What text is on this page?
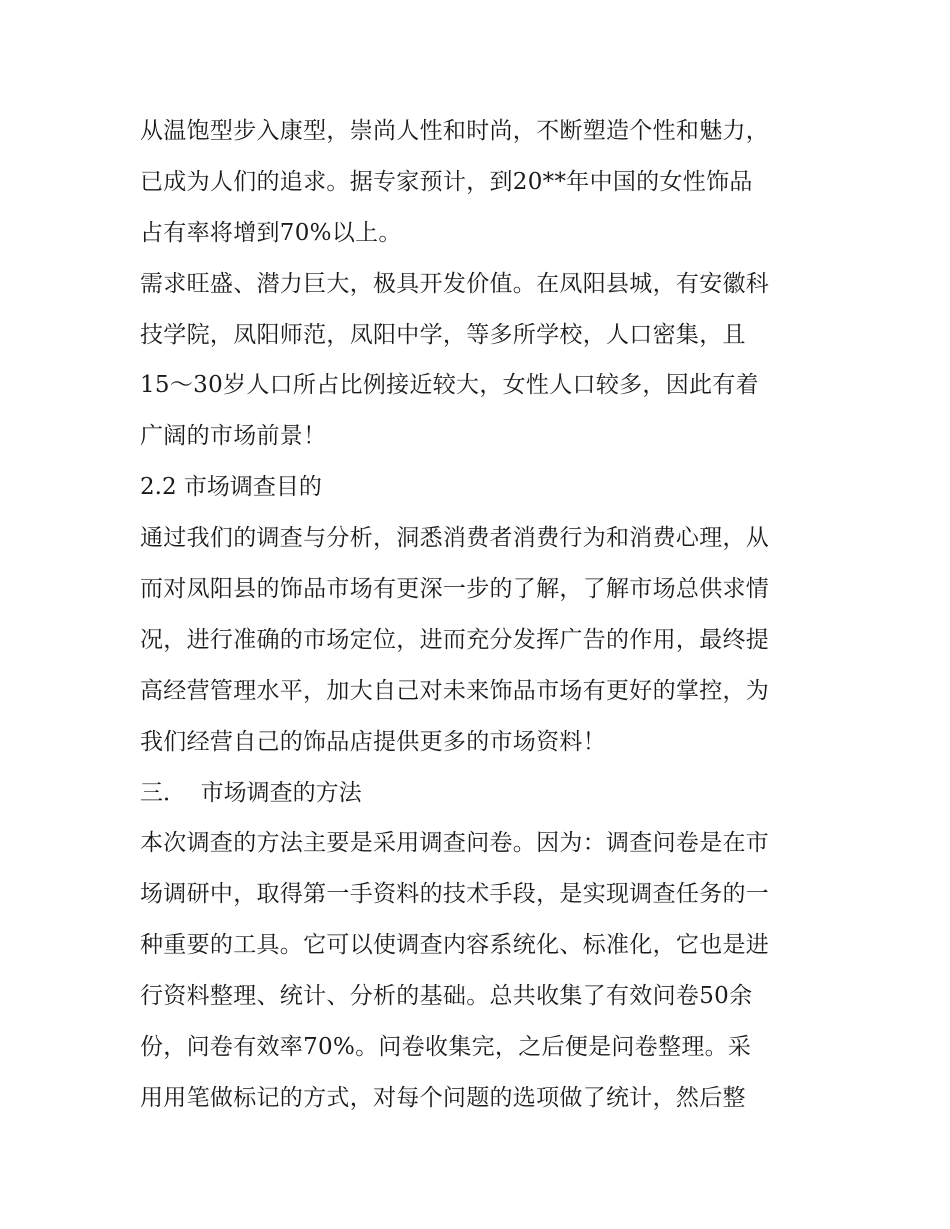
从温饱型步入康型，崇尚人性和时尚，不断塑造个性和魅力，
已成为人们的追求。据专家预计，到20**年中国的女性饰品
占有率将增到70%以上。
需求旺盛、潜力巨大，极具开发价值。在凤阳县城，有安徽科
技学院，凤阳师范，凤阳中学，等多所学校，人口密集，且
15～30岁人口所占比例接近较大，女性人口较多，因此有着
广阔的市场前景！
2.2 市场调查目的
通过我们的调查与分析，洞悉消费者消费行为和消费心理，从
而对凤阳县的饰品市场有更深一步的了解，了解市场总供求情
况，进行准确的市场定位，进而充分发挥广告的作用，最终提
高经营管理水平，加大自己对未来饰品市场有更好的掌控，为
我们经营自己的饰品店提供更多的市场资料！
三．  市场调查的方法
本次调查的方法主要是采用调查问卷。因为：调查问卷是在市
场调研中，取得第一手资料的技术手段，是实现调查任务的一
种重要的工具。它可以使调查内容系统化、标准化，它也是进
行资料整理、统计、分析的基础。总共收集了有效问卷50余
份，问卷有效率70%。问卷收集完，之后便是问卷整理。采
用用笔做标记的方式，对每个问题的选项做了统计，然后整
